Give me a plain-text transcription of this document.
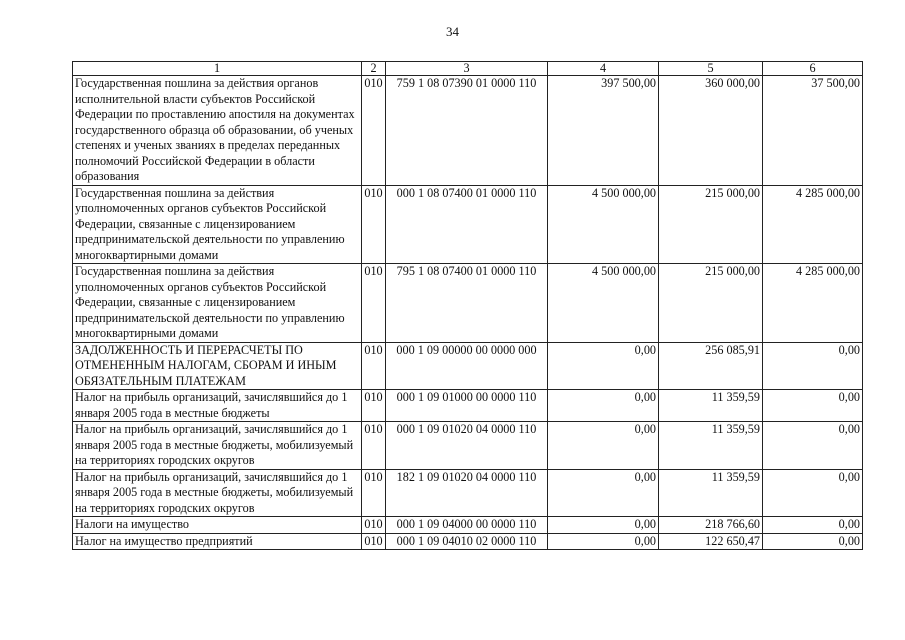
34
1	2	3	4	5	6
Государственная пошлина за действия органов исполнительной власти субъектов Российской Федерации по проставлению апостиля на документах государственного образца об образовании, об ученых степенях и ученых званиях в пределах переданных полномочий Российской Федерации в области образования	010	759 1 08 07390 01 0000 110	397 500,00	360 000,00	37 500,00
Государственная пошлина за действия уполномоченных органов субъектов Российской Федерации, связанные с лицензированием предпринимательской деятельности по управлению многоквартирными домами	010	000 1 08 07400 01 0000 110	4 500 000,00	215 000,00	4 285 000,00
Государственная пошлина за действия уполномоченных органов субъектов Российской Федерации, связанные с лицензированием предпринимательской деятельности по управлению многоквартирными домами	010	795 1 08 07400 01 0000 110	4 500 000,00	215 000,00	4 285 000,00
ЗАДОЛЖЕННОСТЬ И ПЕРЕРАСЧЕТЫ ПО ОТМЕНЕННЫМ НАЛОГАМ, СБОРАМ И ИНЫМ ОБЯЗАТЕЛЬНЫМ ПЛАТЕЖАМ	010	000 1 09 00000 00 0000 000	0,00	256 085,91	0,00
Налог на прибыль организаций, зачислявшийся до 1 января 2005 года в местные бюджеты	010	000 1 09 01000 00 0000 110	0,00	11 359,59	0,00
Налог на прибыль организаций, зачислявшийся до 1 января 2005 года в местные бюджеты, мобилизуемый на территориях городских округов	010	000 1 09 01020 04 0000 110	0,00	11 359,59	0,00
Налог на прибыль организаций, зачислявшийся до 1 января 2005 года в местные бюджеты, мобилизуемый на территориях городских округов	010	182 1 09 01020 04 0000 110	0,00	11 359,59	0,00
Налоги на имущество	010	000 1 09 04000 00 0000 110	0,00	218 766,60	0,00
Налог на имущество предприятий	010	000 1 09 04010 02 0000 110	0,00	122 650,47	0,00
